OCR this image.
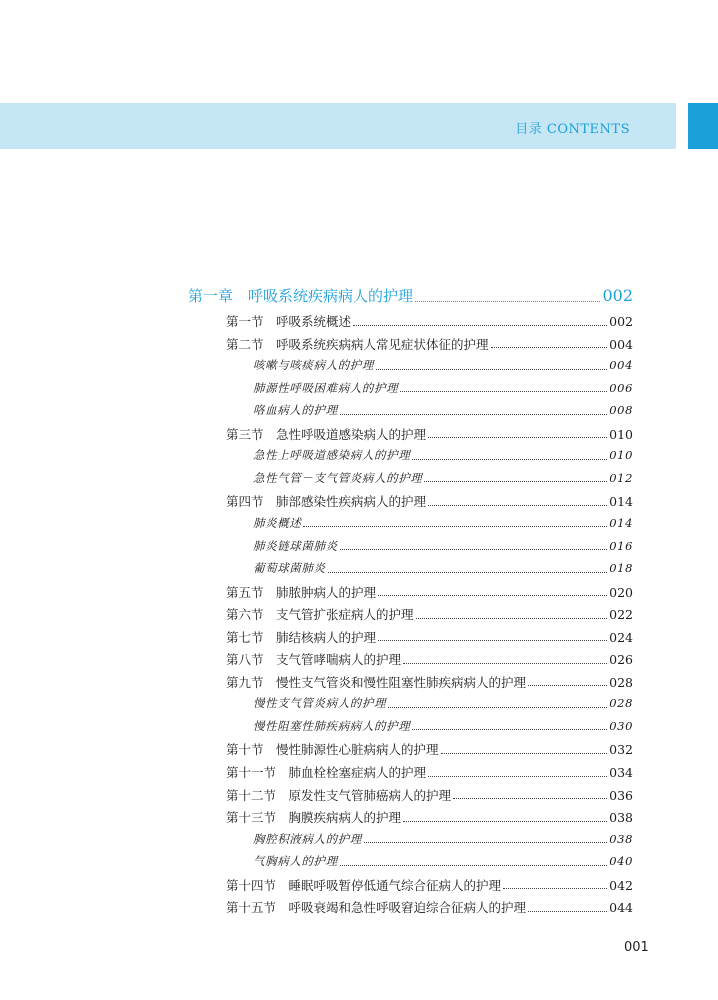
目录 CONTENTS
第一章　呼吸系统疾病病人的护理	002
第一节　呼吸系统概述	002
第二节　呼吸系统疾病病人常见症状体征的护理	004
咳嗽与咳痰病人的护理	004
肺源性呼吸困难病人的护理	006
咯血病人的护理	008
第三节　急性呼吸道感染病人的护理	010
急性上呼吸道感染病人的护理	010
急性气管－支气管炎病人的护理	012
第四节　肺部感染性疾病病人的护理	014
肺炎概述	014
肺炎链球菌肺炎	016
葡萄球菌肺炎	018
第五节　肺脓肿病人的护理	020
第六节　支气管扩张症病人的护理	022
第七节　肺结核病人的护理	024
第八节　支气管哮喘病人的护理	026
第九节　慢性支气管炎和慢性阻塞性肺疾病病人的护理	028
慢性支气管炎病人的护理	028
慢性阻塞性肺疾病病人的护理	030
第十节　慢性肺源性心脏病病人的护理	032
第十一节　肺血栓栓塞症病人的护理	034
第十二节　原发性支气管肺癌病人的护理	036
第十三节　胸膜疾病病人的护理	038
胸腔积液病人的护理	038
气胸病人的护理	040
第十四节　睡眠呼吸暂停低通气综合征病人的护理	042
第十五节　呼吸衰竭和急性呼吸窘迫综合征病人的护理	044
001
